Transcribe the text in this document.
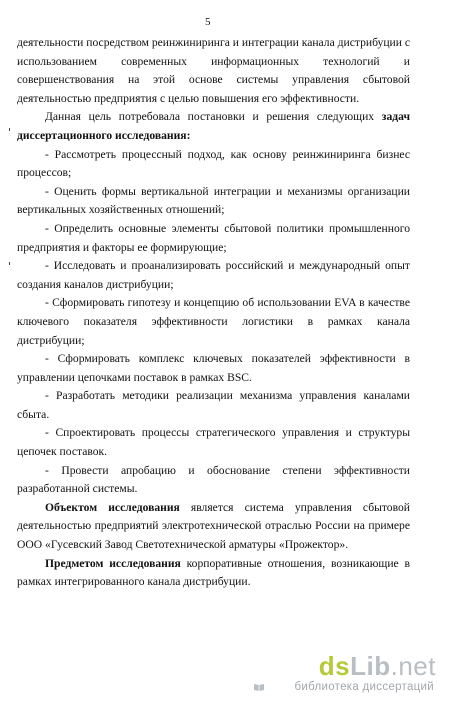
5

деятельности посредством реинжиниринга и интеграции канала дистрибуции с использованием современных информационных технологий и совершенствования на этой основе системы управления сбытовой деятельностью предприятия с целью повышения его эффективности.

Данная цель потребовала постановки и решения следующих задач диссертационного исследования:

- Рассмотреть процессный подход, как основу реинжиниринга бизнес процессов;

- Оценить формы вертикальной интеграции и механизмы организации вертикальных хозяйственных отношений;

- Определить основные элементы сбытовой политики промышленного предприятия и факторы ее формирующие;

- Исследовать и проанализировать российский и международный опыт создания каналов дистрибуции;

- Сформировать гипотезу и концепцию об использовании EVA в качестве ключевого показателя эффективности логистики в рамках канала дистрибуции;

- Сформировать комплекс ключевых показателей эффективности в управлении цепочками поставок в рамках BSC.

- Разработать методики реализации механизма управления каналами сбыта.

- Спроектировать процессы стратегического управления и структуры цепочек поставок.

- Провести апробацию и обоснование степени эффективности разработанной системы.

Объектом исследования является система управления сбытовой деятельностью предприятий электротехнической отраслью России на примере ООО «Гусевский Завод Светотехнической арматуры «Прожектор».

Предметом исследования корпоративные отношения, возникающие в рамках интегрированного канала дистрибуции.

dsLib.net
библиотека диссертаций
